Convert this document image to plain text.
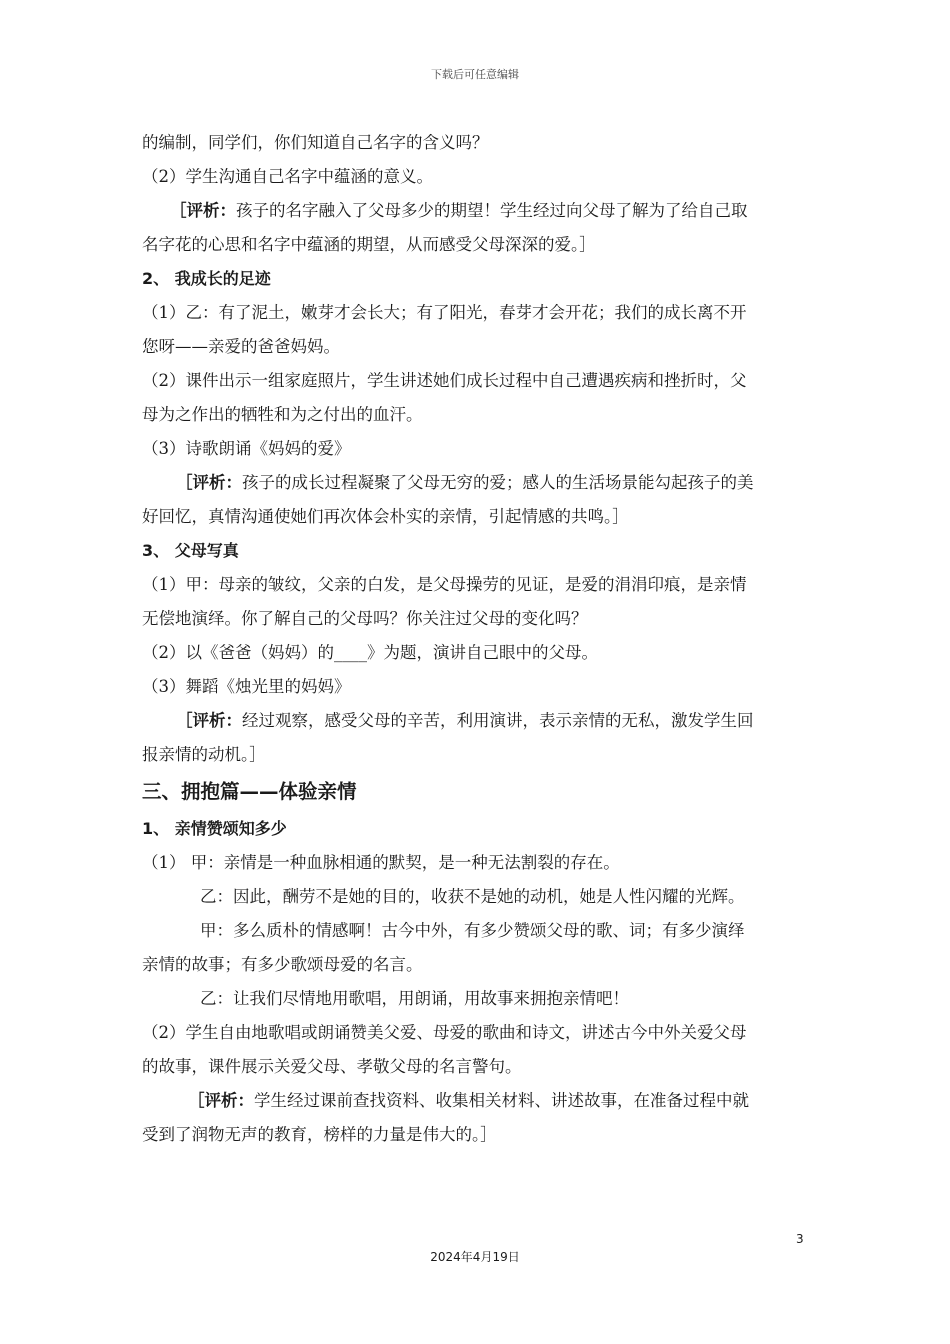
下载后可任意编辑
的编制，同学们，你们知道自己名字的含义吗？
（2）学生沟通自己名字中蕴涵的意义。
［评析：孩子的名字融入了父母多少的期望！学生经过向父母了解为了给自己取
名字花的心思和名字中蕴涵的期望，从而感受父母深深的爱。］
2、 我成长的足迹
（1）乙：有了泥土，嫩芽才会长大；有了阳光，春芽才会开花；我们的成长离不开
您呀——亲爱的爸爸妈妈。
（2）课件出示一组家庭照片，学生讲述她们成长过程中自己遭遇疾病和挫折时，父
母为之作出的牺牲和为之付出的血汗。
（3）诗歌朗诵《妈妈的爱》
［评析：孩子的成长过程凝聚了父母无穷的爱；感人的生活场景能勾起孩子的美
好回忆，真情沟通使她们再次体会朴实的亲情，引起情感的共鸣。］
3、 父母写真
（1）甲：母亲的皱纹，父亲的白发，是父母操劳的见证，是爱的涓涓印痕，是亲情
无偿地演绎。你了解自己的父母吗？你关注过父母的变化吗？
（2）以《爸爸（妈妈）的____》为题，演讲自己眼中的父母。
（3）舞蹈《烛光里的妈妈》
［评析：经过观察，感受父母的辛苦，利用演讲，表示亲情的无私，激发学生回
报亲情的动机。］
三、拥抱篇——体验亲情
1、 亲情赞颂知多少
（1） 甲：亲情是一种血脉相通的默契，是一种无法割裂的存在。
乙：因此，酬劳不是她的目的，收获不是她的动机，她是人性闪耀的光辉。
甲：多么质朴的情感啊！古今中外，有多少赞颂父母的歌、词；有多少演绎
亲情的故事；有多少歌颂母爱的名言。
乙：让我们尽情地用歌唱，用朗诵，用故事来拥抱亲情吧！
（2）学生自由地歌唱或朗诵赞美父爱、母爱的歌曲和诗文，讲述古今中外关爱父母
的故事，课件展示关爱父母、孝敬父母的名言警句。
［评析：学生经过课前查找资料、收集相关材料、讲述故事，在准备过程中就
受到了润物无声的教育，榜样的力量是伟大的。］
3
2024年4月19日
